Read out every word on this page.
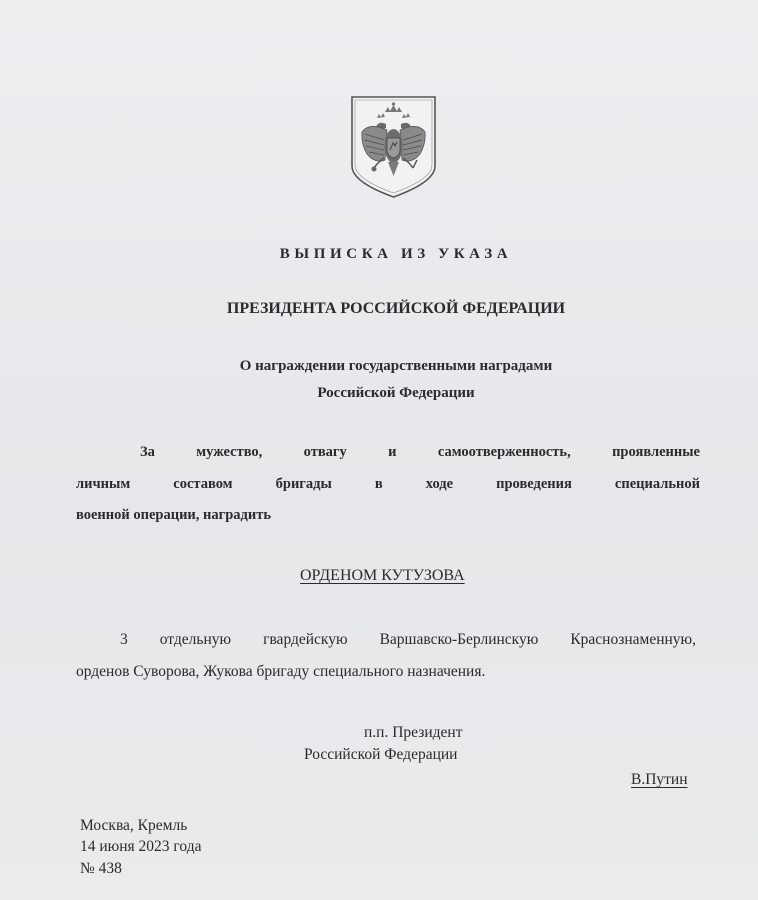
ВЫПИСКА ИЗ УКАЗА
ПРЕЗИДЕНТА РОССИЙСКОЙ ФЕДЕРАЦИИ
О награждении государственными наградами
Российской Федерации
За мужество, отвагу и самоотверженность, проявленные
личным составом бригады в ходе проведения специальной
военной операции, наградить
ОРДЕНОМ КУТУЗОВА
3 отдельную гвардейскую Варшавско-Берлинскую Краснознаменную,
орденов Суворова, Жукова бригаду специального назначения.
п.п. Президент
Российской Федерации
В.Путин
Москва, Кремль
14 июня 2023 года
№ 438
